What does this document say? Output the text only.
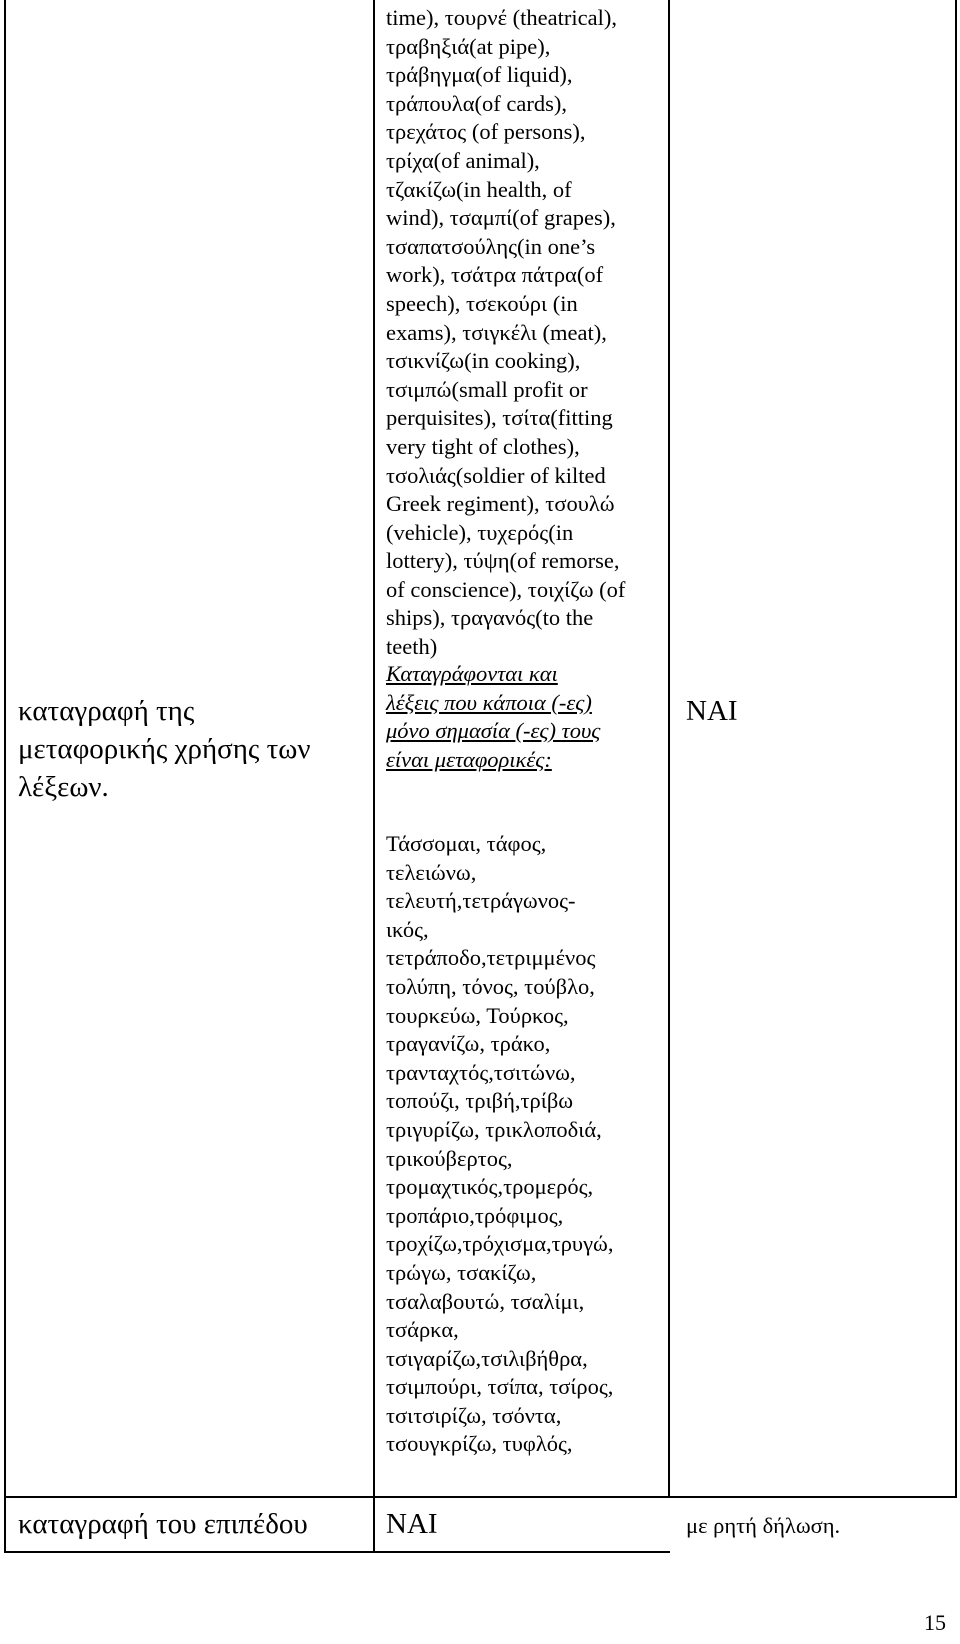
καταγραφή της
μεταφορικής χρήσης των
λέξεων.
καταγραφή του επιπέδου
time), τουρνέ (theatrical),
τραβηξιά(at pipe),
τράβηγμα(of liquid),
τράπουλα(of cards),
τρεχάτος (of persons),
τρίχα(of animal),
τζακίζω(in health, of
wind), τσαμπί(of grapes),
τσαπατσούλης(in one’s
work), τσάτρα πάτρα(of
speech), τσεκούρι (in
exams), τσιγκέλι (meat),
τσικνίζω(in cooking),
τσιμπώ(small profit or
perquisites), τσίτα(fitting
very tight of clothes),
τσολιάς(soldier of kilted
Greek regiment), τσουλώ
(vehicle), τυχερός(in
lottery), τύψη(of remorse,
of conscience), τοιχίζω (of
ships), τραγανός(to the
teeth)
Καταγράφονται και
λέξεις που κάποια (-ες)
μόνο σημασία (-ες) τους
είναι μεταφορικές:
Τάσσομαι, τάφος,
τελειώνω,
τελευτή,τετράγωνος-
ικός,
τετράποδο,τετριμμένος
τολύπη, τόνος, τούβλο,
τουρκεύω, Τούρκος,
τραγανίζω, τράκο,
τρανταχτός,τσιτώνω,
τοπούζι, τριβή,τρίβω
τριγυρίζω, τρικλοποδιά,
τρικούβερτος,
τρομαχτικός,τρομερός,
τροπάριο,τρόφιμος,
τροχίζω,τρόχισμα,τρυγώ,
τρώγω, τσακίζω,
τσαλαβουτώ, τσαλίμι,
τσάρκα,
τσιγαρίζω,τσιλιβήθρα,
τσιμπούρι, τσίπα, τσίρος,
τσιτσιρίζω, τσόντα,
τσουγκρίζω, τυφλός,
ΝΑΙ
ΝΑΙ
με ρητή δήλωση.
15
